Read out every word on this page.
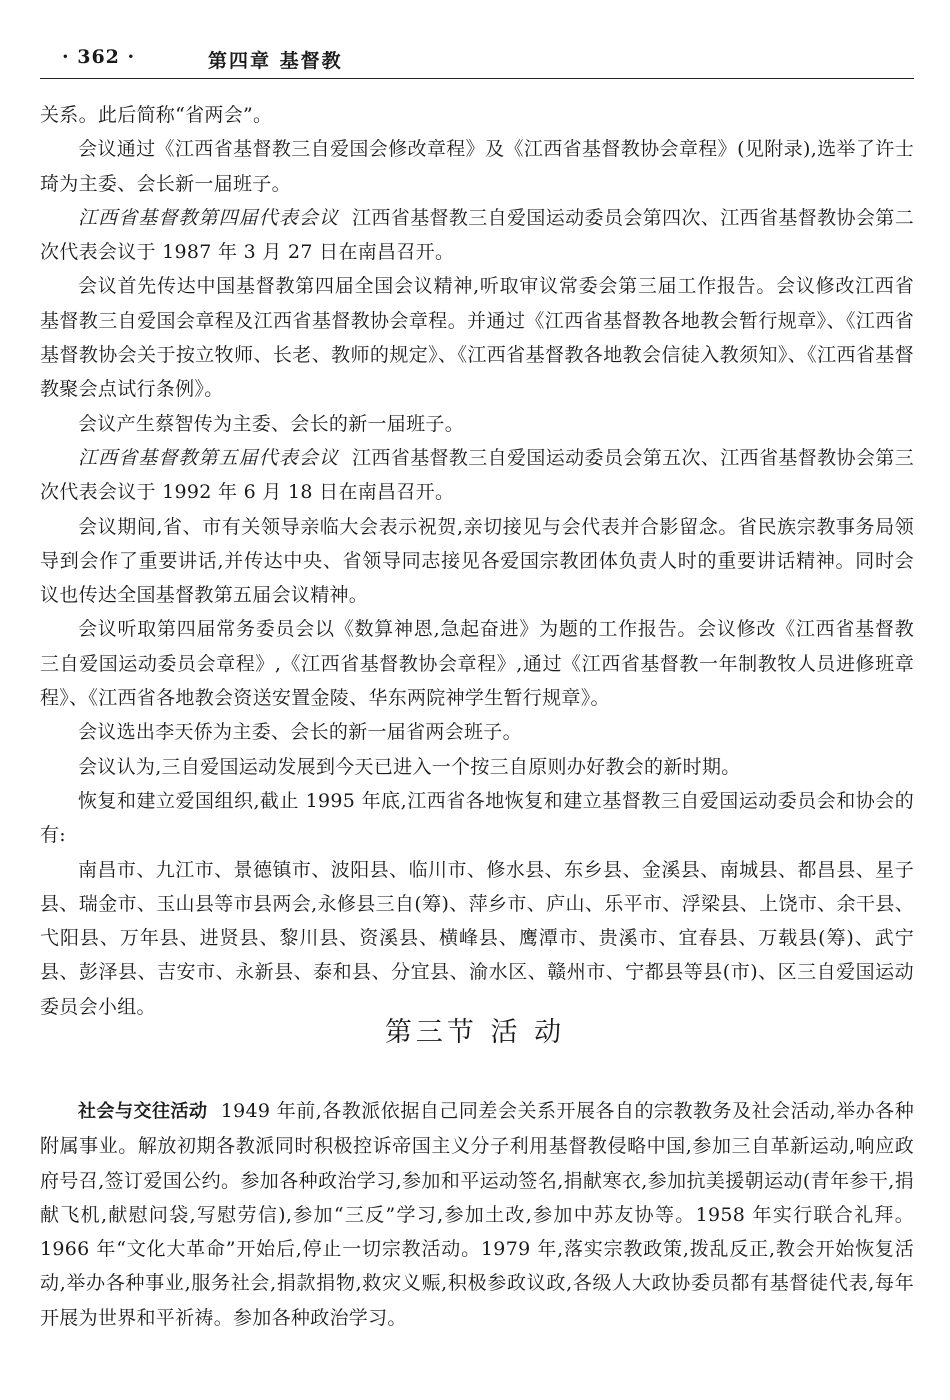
· 362 ·	第四章 基督教

关系。此后简称“省两会”。

会议通过《江西省基督教三自爱国会修改章程》及《江西省基督教协会章程》(见附录),选举了许士琦为主委、会长新一届班子。

江西省基督教第四届代表会议 江西省基督教三自爱国运动委员会第四次、江西省基督教协会第二次代表会议于 1987 年 3 月 27 日在南昌召开。

会议首先传达中国基督教第四届全国会议精神,听取审议常委会第三届工作报告。会议修改江西省基督教三自爱国会章程及江西省基督教协会章程。并通过《江西省基督教各地教会暂行规章》、《江西省基督教协会关于按立牧师、长老、教师的规定》、《江西省基督教各地教会信徒入教须知》、《江西省基督教聚会点试行条例》。

会议产生蔡智传为主委、会长的新一届班子。

江西省基督教第五届代表会议 江西省基督教三自爱国运动委员会第五次、江西省基督教协会第三次代表会议于 1992 年 6 月 18 日在南昌召开。

会议期间,省、市有关领导亲临大会表示祝贺,亲切接见与会代表并合影留念。省民族宗教事务局领导到会作了重要讲话,并传达中央、省领导同志接见各爱国宗教团体负责人时的重要讲话精神。同时会议也传达全国基督教第五届会议精神。

会议听取第四届常务委员会以《数算神恩,急起奋进》为题的工作报告。会议修改《江西省基督教三自爱国运动委员会章程》,《江西省基督教协会章程》,通过《江西省基督教一年制教牧人员进修班章程》、《江西省各地教会资送安置金陵、华东两院神学生暂行规章》。

会议选出李天侨为主委、会长的新一届省两会班子。

会议认为,三自爱国运动发展到今天已进入一个按三自原则办好教会的新时期。

恢复和建立爱国组织,截止 1995 年底,江西省各地恢复和建立基督教三自爱国运动委员会和协会的有:

南昌市、九江市、景德镇市、波阳县、临川市、修水县、东乡县、金溪县、南城县、都昌县、星子县、瑞金市、玉山县等市县两会,永修县三自(筹)、萍乡市、庐山、乐平市、浮梁县、上饶市、余干县、弋阳县、万年县、进贤县、黎川县、资溪县、横峰县、鹰潭市、贵溪市、宜春县、万载县(筹)、武宁县、彭泽县、吉安市、永新县、泰和县、分宜县、渝水区、赣州市、宁都县等县(市)、区三自爱国运动委员会小组。

第三节 活 动

社会与交往活动 1949 年前,各教派依据自己同差会关系开展各自的宗教教务及社会活动,举办各种附属事业。解放初期各教派同时积极控诉帝国主义分子利用基督教侵略中国,参加三自革新运动,响应政府号召,签订爱国公约。参加各种政治学习,参加和平运动签名,捐献寒衣,参加抗美援朝运动(青年参干,捐献飞机,献慰问袋,写慰劳信),参加“三反”学习,参加土改,参加中苏友协等。1958 年实行联合礼拜。1966 年“文化大革命”开始后,停止一切宗教活动。1979 年,落实宗教政策,拨乱反正,教会开始恢复活动,举办各种事业,服务社会,捐款捐物,救灾义赈,积极参政议政,各级人大政协委员都有基督徒代表,每年开展为世界和平祈祷。参加各种政治学习。
